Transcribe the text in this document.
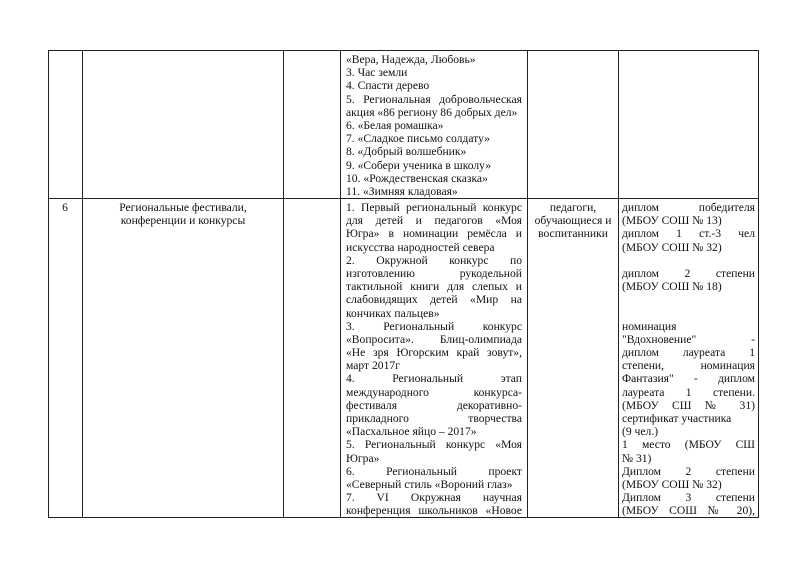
«Вера, Надежда, Любовь»
3. Час земли
4. Спасти дерево
5. Региональная добровольческая
акция «86 региону 86 добрых дел»
6. «Белая ромашка»
7. «Сладкое письмо солдату»
8. «Добрый волшебник»
9. «Собери ученика в школу»
10. «Рождественская сказка»
11. «Зимняя кладовая»
6	Региональные фестивали,
конференции и конкурсы
1. Первый региональный конкурс
для детей и педагогов «Моя
Югра» в номинации ремёсла и
искусства народностей севера
2. Окружной конкурс по
изготовлению рукодельной
тактильной книги для слепых и
слабовидящих детей «Мир на
кончиках пальцев»
3. Региональный конкурс
«Вопросита». Блиц-олимпиада
«Не зря Югорским край зовут»,
март 2017г
4. Региональный этап
международного конкурса-
фестиваля декоративно-
прикладного творчества
«Пасхальное яйцо – 2017»
5. Региональный конкурс «Моя
Югра»
6. Региональный проект
«Северный стиль «Вороний глаз»
7. VI Окружная научная
конференция школьников «Новое
педагоги,
обучающиеся и
воспитанники
диплом победителя
(МБОУ СОШ № 13)
диплом 1 ст.-3 чел
(МБОУ СОШ № 32)
диплом 2 степени
(МБОУ СОШ № 18)
номинация
"Вдохновение" -
диплом лауреата 1
степени, номинация
Фантазия" - диплом
лауреата 1 степени.
(МБОУ СШ № 31)
сертификат участника
(9 чел.)
1 место (МБОУ СШ
№ 31)
Диплом 2 степени
(МБОУ СОШ № 32)
Диплом 3 степени
(МБОУ СОШ № 20),
